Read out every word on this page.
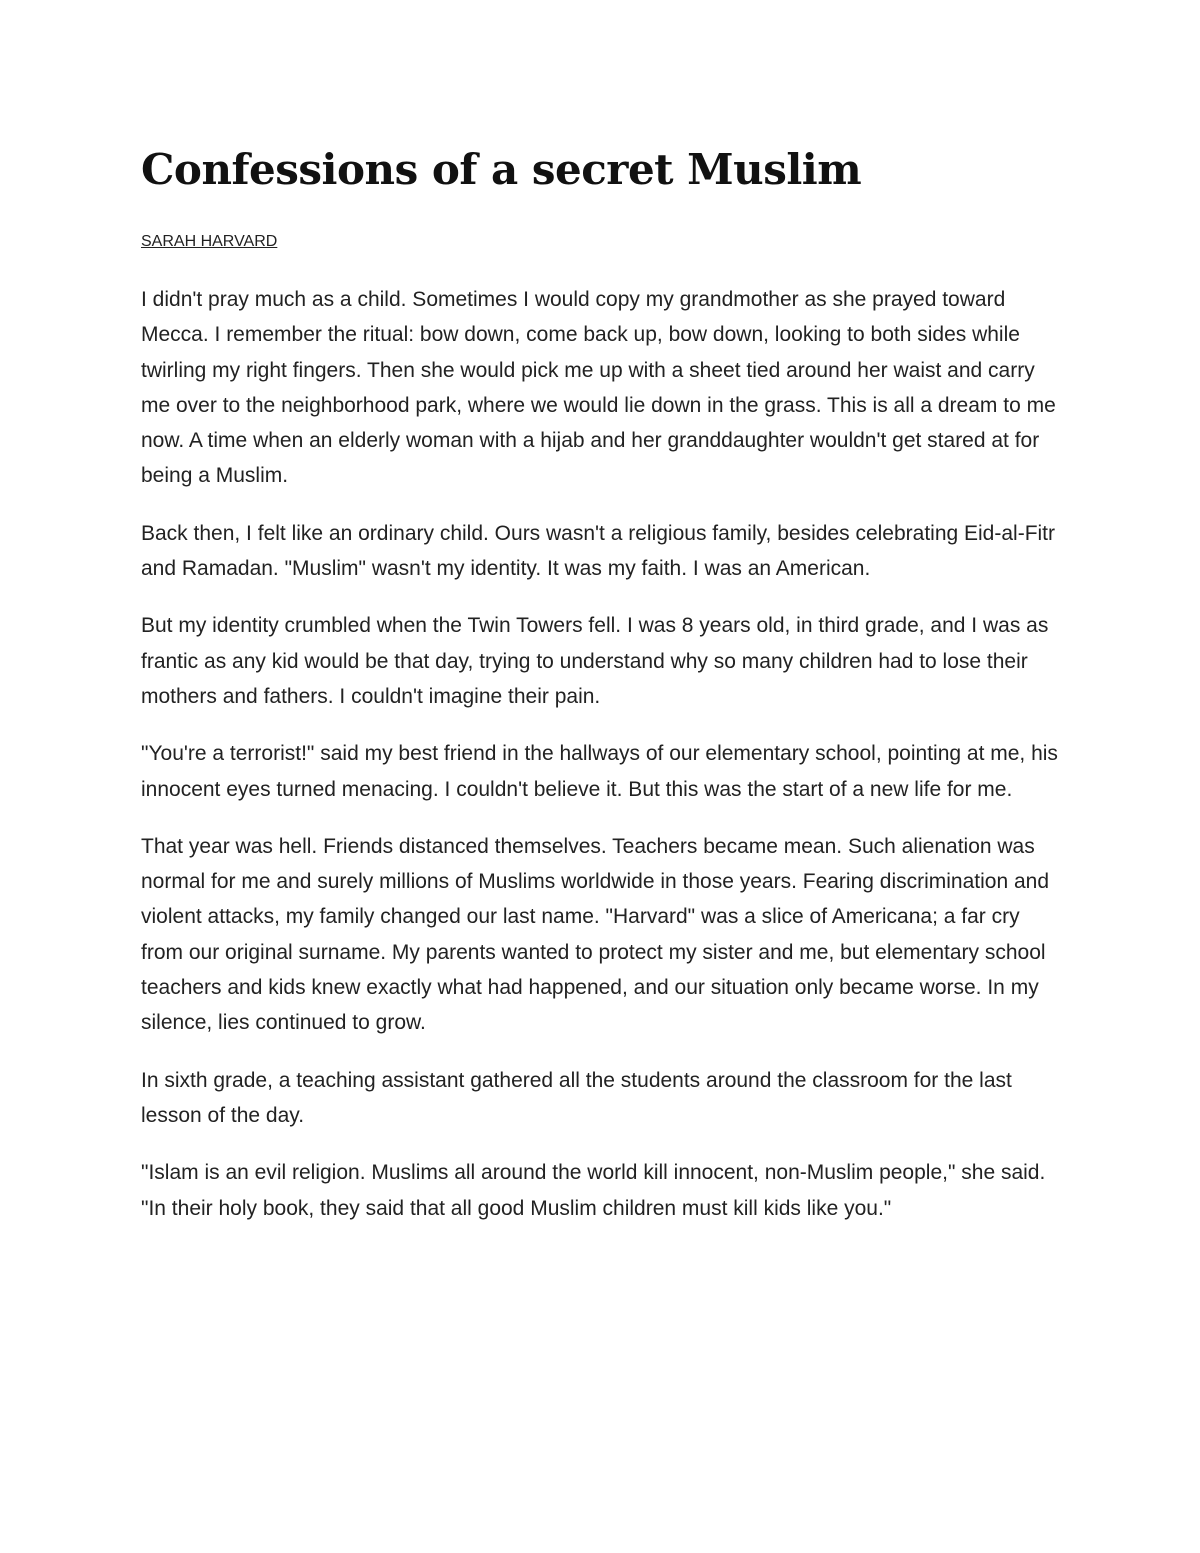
Confessions of a secret Muslim
SARAH HARVARD

I didn't pray much as a child. Sometimes I would copy my grandmother as she prayed toward Mecca. I remember the ritual: bow down, come back up, bow down, looking to both sides while twirling my right fingers. Then she would pick me up with a sheet tied around her waist and carry me over to the neighborhood park, where we would lie down in the grass. This is all a dream to me now. A time when an elderly woman with a hijab and her granddaughter wouldn't get stared at for being a Muslim.

Back then, I felt like an ordinary child. Ours wasn't a religious family, besides celebrating Eid-al-Fitr and Ramadan. "Muslim" wasn't my identity. It was my faith. I was an American.

But my identity crumbled when the Twin Towers fell. I was 8 years old, in third grade, and I was as frantic as any kid would be that day, trying to understand why so many children had to lose their mothers and fathers. I couldn't imagine their pain.

"You're a terrorist!" said my best friend in the hallways of our elementary school, pointing at me, his innocent eyes turned menacing. I couldn't believe it. But this was the start of a new life for me.

That year was hell. Friends distanced themselves. Teachers became mean. Such alienation was normal for me and surely millions of Muslims worldwide in those years. Fearing discrimination and violent attacks, my family changed our last name. "Harvard" was a slice of Americana; a far cry from our original surname. My parents wanted to protect my sister and me, but elementary school teachers and kids knew exactly what had happened, and our situation only became worse. In my silence, lies continued to grow.

In sixth grade, a teaching assistant gathered all the students around the classroom for the last lesson of the day.

"Islam is an evil religion. Muslims all around the world kill innocent, non-Muslim people," she said. "In their holy book, they said that all good Muslim children must kill kids like you."
